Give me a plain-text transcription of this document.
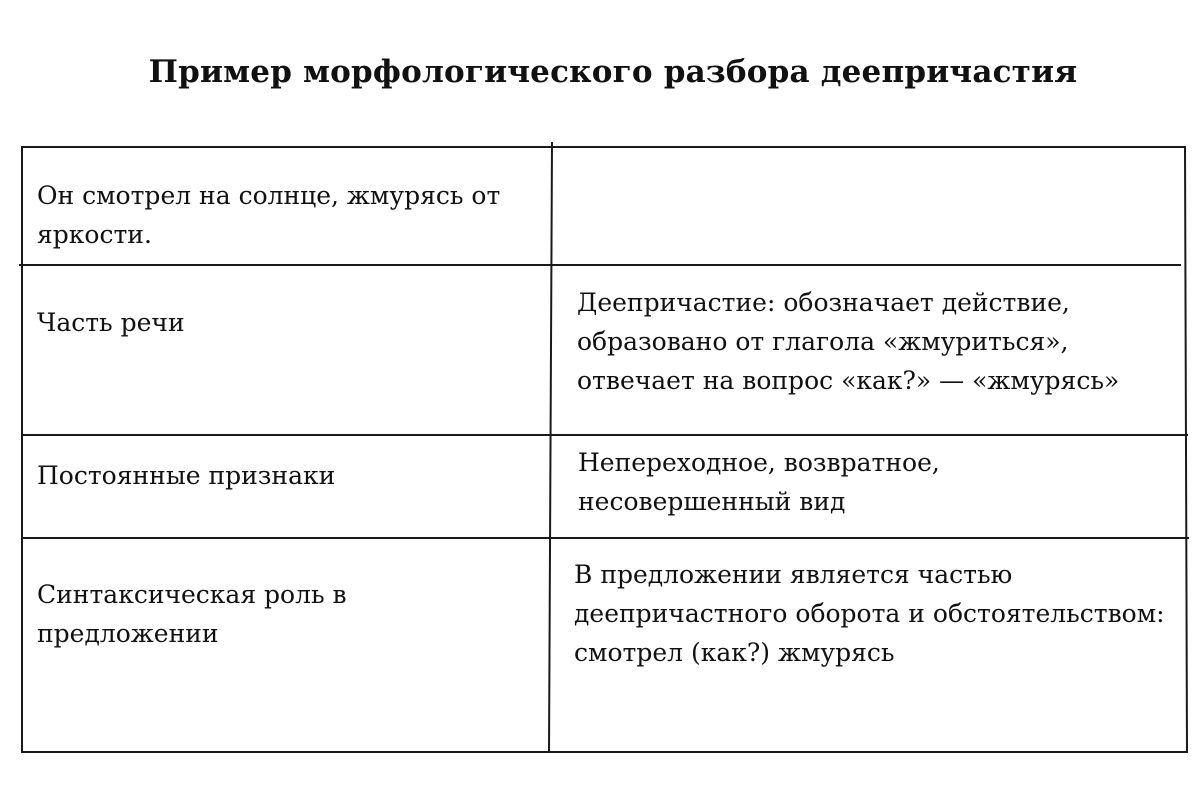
Пример морфологического разбора деепричастия
Он смотрел на солнце, жмурясь от яркости.
Часть речи
Деепричастие: обозначает действие, образовано от глагола «жмуриться», отвечает на вопрос «как?» — «жмурясь»
Постоянные признаки	Непереходное, возвратное, несовершенный вид
Синтаксическая роль в предложении
В предложении является частью деепричастного оборота и обстоятельством: смотрел (как?) жмурясь
